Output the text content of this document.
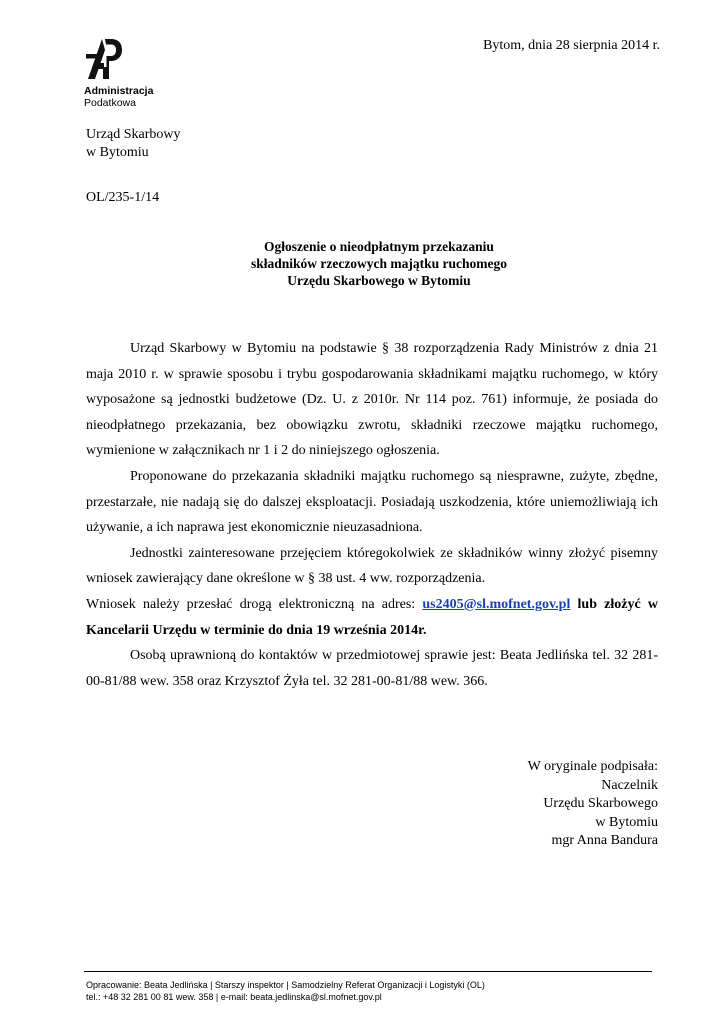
Administracja
Podatkowa
Bytom, dnia 28 sierpnia 2014 r.
Urząd Skarbowy
w Bytomiu
OL/235-1/14
Ogłoszenie o nieodpłatnym przekazaniu
składników rzeczowych majątku ruchomego
Urzędu Skarbowego w Bytomiu

Urząd Skarbowy w Bytomiu na podstawie § 38 rozporządzenia Rady Ministrów z dnia 21 maja 2010 r. w sprawie sposobu i trybu gospodarowania składnikami majątku ruchomego, w który wyposażone są jednostki budżetowe (Dz. U. z 2010r. Nr 114 poz. 761) informuje, że posiada do nieodpłatnego przekazania, bez obowiązku zwrotu, składniki rzeczowe majątku ruchomego, wymienione w załącznikach nr 1 i 2 do niniejszego ogłoszenia.

Proponowane do przekazania składniki majątku ruchomego są niesprawne, zużyte, zbędne, przestarzałe, nie nadają się do dalszej eksploatacji. Posiadają uszkodzenia, które uniemożliwiają ich używanie, a ich naprawa jest ekonomicznie nieuzasadniona.

Jednostki zainteresowane przejęciem któregokolwiek ze składników winny złożyć pisemny wniosek zawierający dane określone w § 38 ust. 4 ww. rozporządzenia.

Wniosek należy przesłać drogą elektroniczną na adres: us2405@sl.mofnet.gov.pl lub złożyć w Kancelarii Urzędu w terminie do dnia 19 września 2014r.

Osobą uprawnioną do kontaktów w przedmiotowej sprawie jest: Beata Jedlińska tel. 32 281-00-81/88 wew. 358 oraz Krzysztof Żyła tel. 32 281-00-81/88 wew. 366.

W oryginale podpisała:
Naczelnik
Urzędu Skarbowego
w Bytomiu
mgr Anna Bandura
Opracowanie: Beata Jedlińska | Starszy inspektor | Samodzielny Referat Organizacji i Logistyki (OL)
tel.: +48 32 281 00 81 wew. 358 | e-mail: beata.jedlinska@sl.mofnet.gov.pl
